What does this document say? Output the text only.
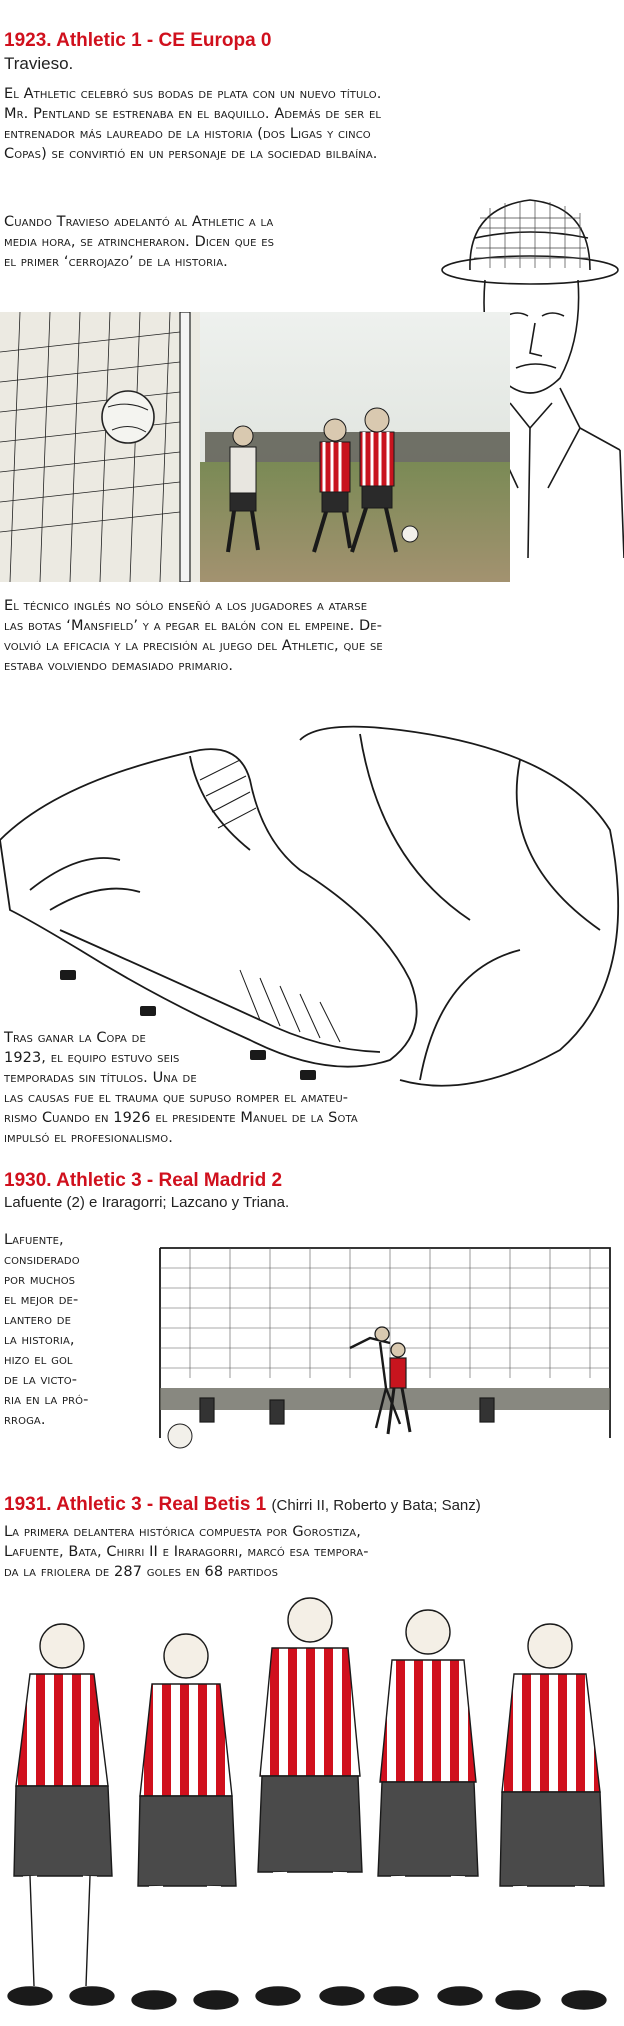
1923. Athletic 1 - CE Europa 0
Travieso.
El Athletic celebró sus bodas de plata con un nuevo título.
Mr. Pentland se estrenaba en el baquillo. Además de ser el
entrenador más laureado de la historia (dos Ligas y cinco
Copas) se convirtió en un personaje de la sociedad bilbaína.
Cuando Travieso adelantó al Athletic a la
media hora, se atrincheraron. Dicen que es
el primer ‘cerrojazo’ de la historia.
El técnico inglés no sólo enseñó a los jugadores a atarse
las botas ‘Mansfield’ y a pegar el balón con el empeine. De-
volvió la eficacia y la precisión al juego del Athletic, que se
estaba volviendo demasiado primario.
Tras ganar la Copa de
1923, el equipo estuvo seis
temporadas sin títulos. Una de
las causas fue el trauma que supuso romper el amateu-
rismo Cuando en 1926 el presidente Manuel de la Sota
impulsó el profesionalismo.
1930. Athletic 3 - Real Madrid 2
Lafuente (2) e Iraragorri; Lazcano y Triana.
Lafuente,
considerado
por muchos
el mejor de-
lantero de
la historia,
hizo el gol
de la victo-
ria en la pró-
rroga.
1931. Athletic 3 - Real Betis 1 (Chirri II, Roberto y Bata; Sanz)
La primera delantera histórica compuesta por Gorostiza,
Lafuente, Bata, Chirri II e Iraragorri, marcó esa tempora-
da la friolera de 287 goles en 68 partidos
